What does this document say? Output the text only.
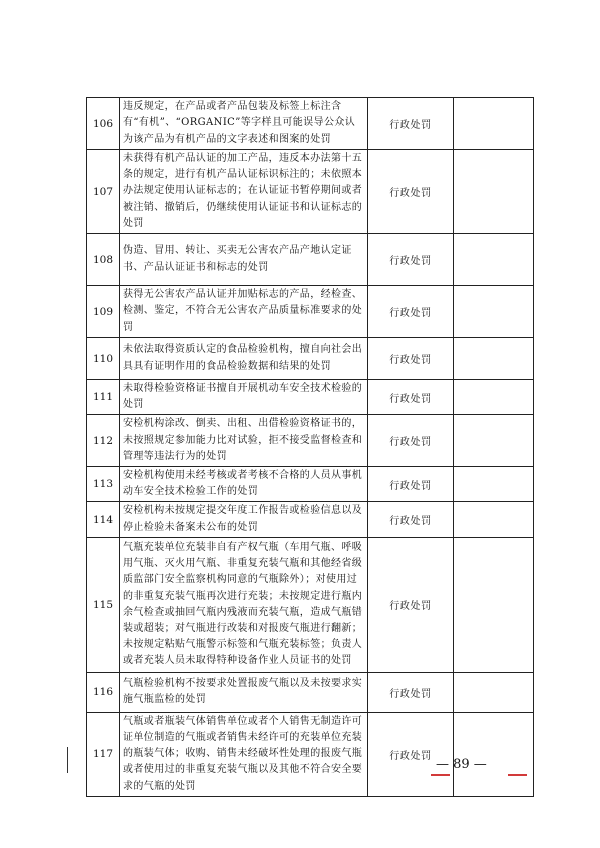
106	违反规定，在产品或者产品包装及标签上标注含有“有机”、“ORGANIC”等字样且可能误导公众认为该产品为有机产品的文字表述和图案的处罚	行政处罚	
107	未获得有机产品认证的加工产品，违反本办法第十五条的规定，进行有机产品认证标识标注的；未依照本办法规定使用认证标志的；在认证证书暂停期间或者被注销、撤销后，仍继续使用认证证书和认证标志的处罚	行政处罚	
108	伪造、冒用、转让、买卖无公害农产品产地认定证书、产品认证证书和标志的处罚	行政处罚	
109	获得无公害农产品认证并加贴标志的产品，经检查、检测、鉴定，不符合无公害农产品质量标准要求的处罚	行政处罚	
110	未依法取得资质认定的食品检验机构，擅自向社会出具具有证明作用的食品检验数据和结果的处罚	行政处罚	
111	未取得检验资格证书擅自开展机动车安全技术检验的处罚	行政处罚	
112	安检机构涂改、倒卖、出租、出借检验资格证书的，未按照规定参加能力比对试验，拒不接受监督检查和管理等违法行为的处罚	行政处罚	
113	安检机构使用未经考核或者考核不合格的人员从事机动车安全技术检验工作的处罚	行政处罚	
114	安检机构未按规定提交年度工作报告或检验信息以及停止检验未备案未公布的处罚	行政处罚	
115	气瓶充装单位充装非自有产权气瓶（车用气瓶、呼吸用气瓶、灭火用气瓶、非重复充装气瓶和其他经省级质监部门安全监察机构同意的气瓶除外）；对使用过的非重复充装气瓶再次进行充装；未按规定进行瓶内余气检查或抽回气瓶内残液而充装气瓶，造成气瓶错装或超装；对气瓶进行改装和对报废气瓶进行翻新；未按规定粘贴气瓶警示标签和气瓶充装标签；负责人或者充装人员未取得特种设备作业人员证书的处罚	行政处罚	
116	气瓶检验机构不按要求处置报废气瓶以及未按要求实施气瓶监检的处罚	行政处罚	
117	气瓶或者瓶装气体销售单位或者个人销售无制造许可证单位制造的气瓶或者销售未经许可的充装单位充装的瓶装气体；收购、销售未经破坏性处理的报废气瓶或者使用过的非重复充装气瓶以及其他不符合安全要求的气瓶的处罚	行政处罚	
— 89 —
